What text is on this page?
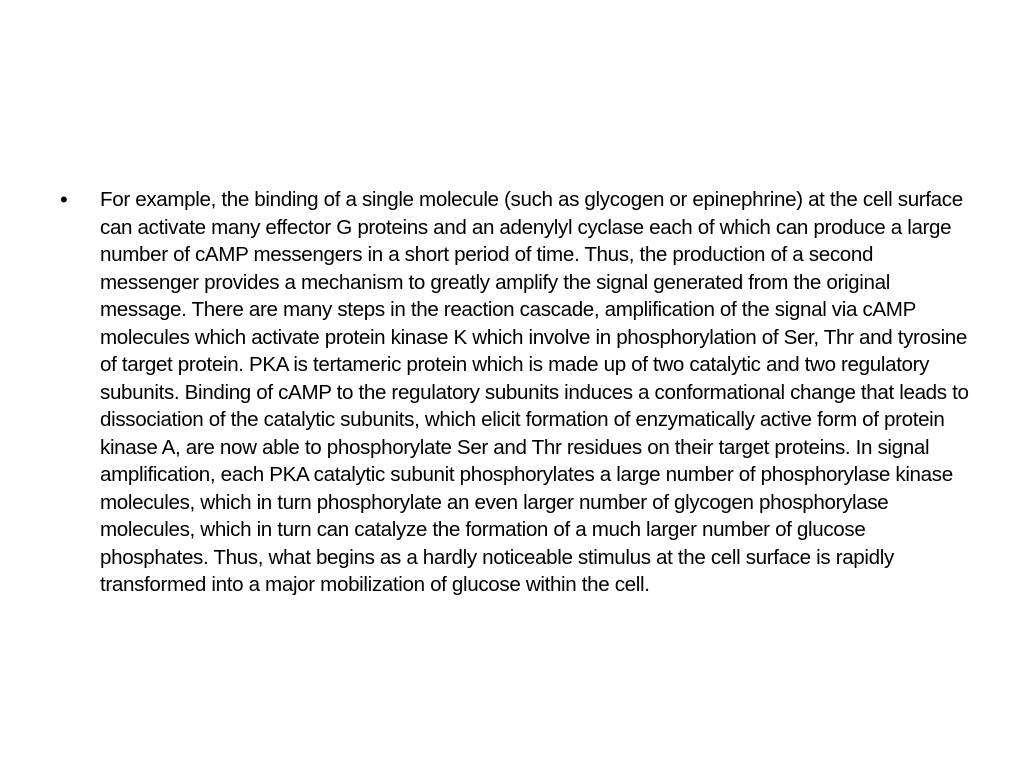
•	For example, the binding of a single molecule (such as glycogen or epinephrine) at the cell surface can activate many effector G proteins and an adenylyl cyclase each of which can produce a large number of cAMP messengers in a short period of time. Thus, the production of a second messenger provides a mechanism to greatly amplify the signal generated from the original message. There are many steps in the reaction cascade, amplification of the signal via cAMP molecules which activate protein kinase K which involve in phosphorylation of Ser, Thr and tyrosine of target protein. PKA is tertameric protein which is made up of two catalytic and two regulatory subunits. Binding of cAMP to the regulatory subunits induces a conformational change that leads to dissociation of the catalytic subunits, which elicit formation of enzymatically active form of protein kinase A, are now able to phosphorylate Ser and Thr residues on their target proteins. In signal amplification, each PKA catalytic subunit phosphorylates a large number of phosphorylase kinase molecules, which in turn phosphorylate an even larger number of glycogen phosphorylase molecules, which in turn can catalyze the formation of a much larger number of glucose phosphates. Thus, what begins as a hardly noticeable stimulus at the cell surface is rapidly transformed into a major mobilization of glucose within the cell.
